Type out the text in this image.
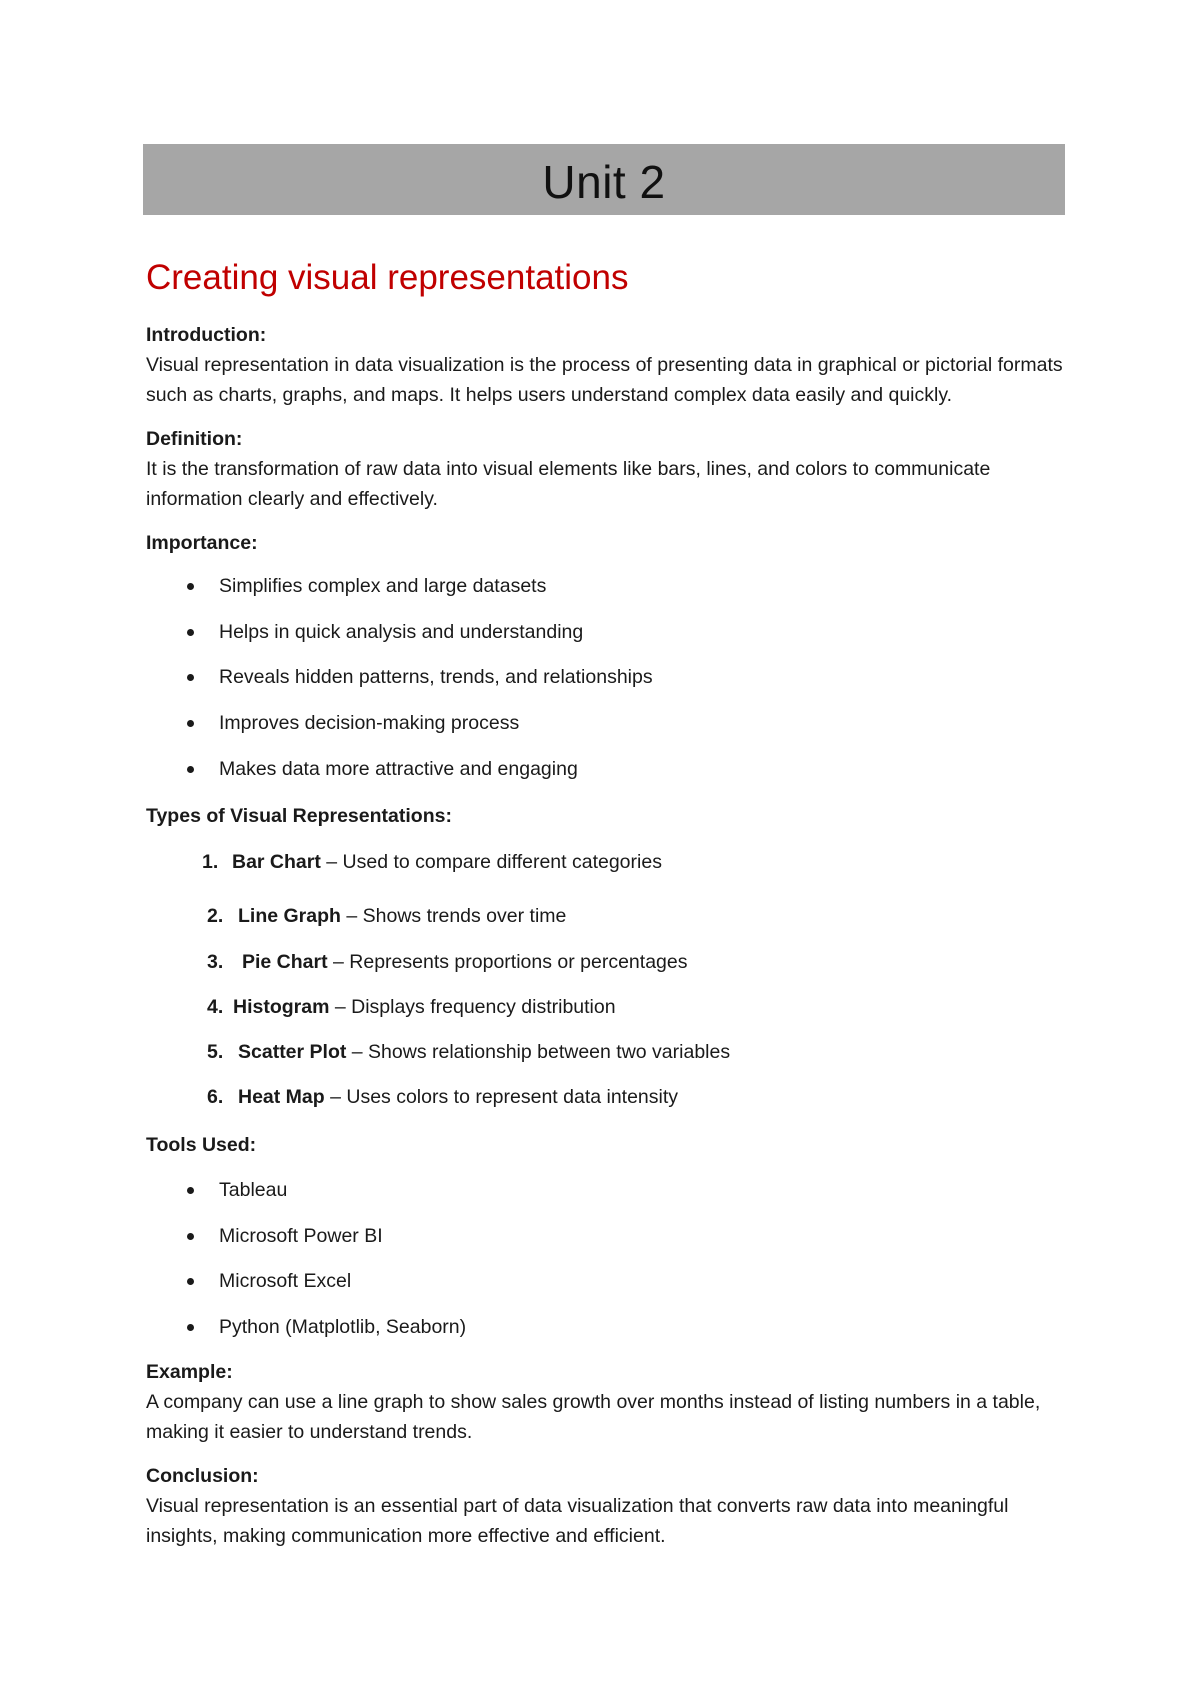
Unit 2
Creating visual representations

Introduction:

Visual representation in data visualization is the process of presenting data in graphical or pictorial formats such as charts, graphs, and maps. It helps users understand complex data easily and quickly.

Definition:

It is the transformation of raw data into visual elements like bars, lines, and colors to communicate information clearly and effectively.

Importance:

Simplifies complex and large datasets
Helps in quick analysis and understanding
Reveals hidden patterns, trends, and relationships
Improves decision-making process
Makes data more attractive and engaging

Types of Visual Representations:

1. Bar Chart – Used to compare different categories
2. Line Graph – Shows trends over time
3. Pie Chart – Represents proportions or percentages
4. Histogram – Displays frequency distribution
5. Scatter Plot – Shows relationship between two variables
6. Heat Map – Uses colors to represent data intensity

Tools Used:

Tableau
Microsoft Power BI
Microsoft Excel
Python (Matplotlib, Seaborn)

Example:

A company can use a line graph to show sales growth over months instead of listing numbers in a table, making it easier to understand trends.

Conclusion:

Visual representation is an essential part of data visualization that converts raw data into meaningful insights, making communication more effective and efficient.
